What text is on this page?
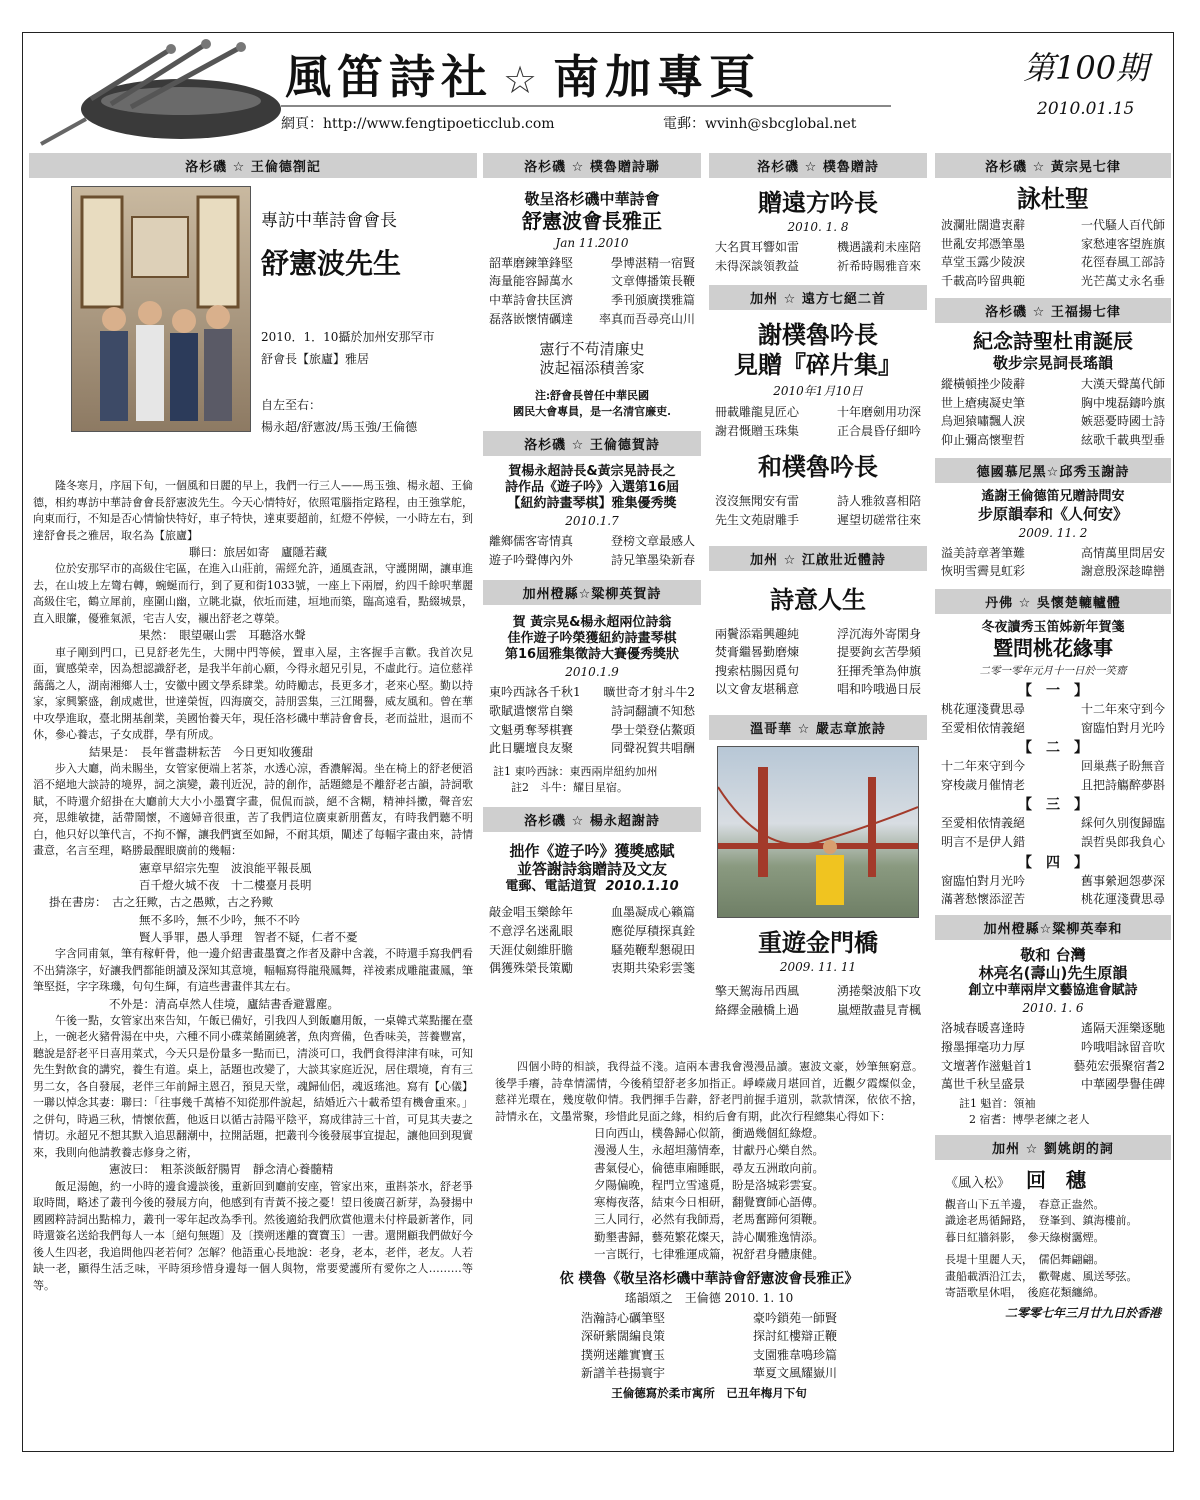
風笛詩社 ☆ 南加專頁
網頁：http://www.fengtipoeticclub.com	電郵：wvinh@sbcglobal.net
第100期
2010.01.15
洛杉磯 ☆ 王倫德劄記
專訪中華詩會會長
舒憲波先生
2010．1．10攝於加州安那罕市
舒會長【旅廬】雅居
自左至右：
楊永超/舒憲波/馬玉強/王倫德
隆冬寒月，序屆下旬，一個風和日麗的早上，我們一行三人——馬玉強、楊永超、王倫德，相約專訪中華詩會會長舒憲波先生。今天心情特好，依照電腦指定路程，由王強掌舵，向東而行，不知是否心情愉快特好，車子特快，達東要超前，紅燈不停候，一小時左右，到達舒會長之雅居，取名為【旅廬】
聯曰：旅居如寄　廬隱若藏
位於安那罕市的高級住宅區，在進入山莊前，需經允許，通風查訊，守護開閘，讓車進去，在山坡上左彎右轉，蜿蜒而行，到了夏和街1033號，一座上下兩層，約四千餘呎華麗高級住宅，鶴立犀前，座圍山幽，立眺北嶽，依坵而建，垣地而築，臨高遠看，點綴城景，直入眼簾，優雅氣派，宅吉人安，襯出舒老之尊榮。
果然：　眼望碾山雲　耳聽洛水聲
車子剛到門口，已見舒老先生，大開中門等候，置車入屋，主客握手言歡。我首次見面，實感榮幸，因為想認識舒老，是我半年前心願，今得永超兄引見，不虛此行。這位慈祥藹藹之人，湖南湘鄉人士，安徽中國文學系肆業。幼時勵志，長更多才，老來心堅。勤以持家，家興繁盛，創成處世，世達榮恆，四海廣交，詩朋雲集，三江聞譽，威友風和。曾在華中攻學進取，臺北開基創業，美國怡養天年，現任洛杉磯中華詩會會長，老而益壯，退而不休，參心養志，子女成群，學有所成。
結果是：　長年嘗盡耕耘苦　今日更知收獲甜
步入大廳，尚未賜坐，女管家便端上茗茶，水透心涼，香濃解渴。坐在椅上的舒老便滔滔不絕地大談詩的境界，詞之演變，叢刊近況，詩的創作，話題總是不離舒老古韻，詩詞歌賦，不時還介紹掛在大廳前大大小小墨寶字畫，侃侃而談，絕不含糊，精神抖擻，聲音宏亮，思維敏捷，話帶鬧懷，不適婦音很重，苦了我們這位廣東新朋舊友，有時我們聽不明白，他只好以筆代言，不拘不懈，讓我們賓至如歸，不耐其煩，闡述了每幅字畫由來，詩情畫意，名言至理，略勝最醒眼廣前的幾幅：
憲章早紹宗先聖　波浪能平報長風
百千燈火城不夜　十二樓臺月長明
掛在書房：　古之狂歟，古之愚歟，古之矜歟
無不多吟，無不少吟，無不不吟
賢人爭罪，愚人爭理　智者不疑，仁者不憂
字含同甫氣，筆有稼軒骨，他一邊介紹書畫墨寶之作者及辭中含義，不時還手寫我們看不出猜涤字，好讓我們都能朗讀及深知其意境，幅幅寫得龍飛鳳舞，祥祾素成雕龍畫鳳，筆筆堅挺，字字珠璣，句句生輝，有這些書畫伴其左右。
不外是：清高卓然人佳境，廬結書香避囂塵。
午後一點，女管家出來告知，午飯已備好，引我四人到飯廳用飯，一桌韓式菜點擺在臺上，一碗老火豬骨湯在中央，六種不同小碟菜餚圍繞著，魚肉齊備，色香味美，菩養豐富，聽說是舒老平日喜用菜式，今天只是份量多一點而已，清淡可口，我們食得津津有味，可知先生對飲食的講究，養生有道。桌上，話題也改變了，大談其家庭近況，居住環境，育有三男二女，各自發展，老伴三年前歸主恩召，預見天堂，魂歸仙侶，魂返瑤池。寫有【心儀】一聯以悼念其妻：聯曰：「往事幾千萬椿不知從那件說起，結婚近六十載希望有機會重來。」之併句，時過三秋，情懷依舊，他返日以循古詩陽平陰平，寫成律詩三十首，可見其夫妻之情切。永超兄不想其默入追思翻潮中，拉開話題，把叢刊今後發展事宜提起，讓他回到現實來，我則向他請教養志修身之術，
憲波曰：　粗茶淡飯舒腸胃　靜念清心養髓精
飯足湯飽，約一小時的邊食邊談後，重新回到廳前安座，管家出來，重斟茶水，舒老爭取時間，略述了叢刊今後的發展方向，他感到有青黃不接之憂！望日後廣召新芽，為發揚中國國粹詩詞出點棉力，叢刊一零年起改為季刊。然後適給我們欣賞他還未付梓最新著作，同時還簽名送給我們每人一本〔絕句無題〕及〔撲朔迷離的寶寶玉〕一書。還開顧我們做好今後人生四老，我追問他四老若何？怎解？他語重心長地說：老身，老本，老伴，老友。人若缺一老，顯得生活乏味，平時須珍惜身邊每一個人與物，常要愛護所有愛你之人………等等。
洛杉磯 ☆ 樸魯贈詩聯
敬呈洛杉磯中華詩會
舒憲波會長雅正
Jan 11.2010
韶華磨鍊筆鋒堅	學博湛精一宿賢
海量能容歸萬水	文章傳播策長鞭
中華詩會扶匡濟	季刊頒廣撲雅篇
磊落嵌懷情礪達 率真而吾尋亮山川
憲行不苟清廉史
波起福添積善家
注:舒會長曾任中華民國
國民大會專員，是一名清官廉吏.
洛杉磯 ☆ 王倫德賀詩
賀楊永超詩長&黃宗晃詩長之
詩作品《遊子吟》入選第16屆
【紐約詩畫琴棋】雅集優秀獎
2010.1.7
離鄉儒客寄情真	登榜文章最感人
遊子吟聲傳內外	詩兄筆墨染新春
加州橙縣☆粱柳英賀詩
賀 黃宗晃&楊永超兩位詩翁
佳作遊子吟榮獲紐約詩畫琴棋
第16屆雅集徵詩大賽優秀獎狀
2010.1.9
東吟西詠各千秋1 曠世奇才射斗牛2
歌賦遣懷常自樂	詩詞翻讀不知愁
文魁勇奪琴棋賽	學士榮登佔鰲頭
此日驪壇良友聚	同聲祝賀共唱酬
註1 東吟西詠：東西兩岸紐約加州
註2　斗牛：耀目星宿。
洛杉磯 ☆ 楊永超謝詩
拙作《遊子吟》獲獎感賦
並答謝詩翁贈詩及文友
電郵、電話道賀 2010.1.10
敲金唱玉樂餘年	血墨凝成心籟篇
不意浮名迷亂眼	應從厚積探真銓
天涯仗劍維肝膽	騷苑鞭犁懇硯田
偶獲殊榮長策勵	衷期共染彩雲箋
洛杉磯 ☆ 樸魯贈詩
贈遠方吟長
2010. 1. 8
大名貫耳響如雷	機遇議莉未座陪
未得深談領教益	祈希時賜雅音來
加州 ☆ 遠方七絕二首
謝樸魯吟長
見贈『碎片集』
2010年1月10日
冊載雕龍見匠心	十年磨劍用功深
謝君慨贈玉珠集	正合晨昏仔細吟
和樸魯吟長
沒沒無聞安有雷	詩人雅敘喜相陪
先生文苑尉雕手	遲望切磋常往來
加州 ☆ 江啟壯近體詩
詩意人生
兩鬢添霜興趣純	浮沉海外寄閑身
焚膏繼晷勤磨煉	提要鉤玄苦學頻
搜索枯腸因覓句	狂揮秃筆為伸旗
以文會友堪稱意	唱和吟哦過日辰
溫哥華 ☆ 嚴志章旅詩
重遊金門橋
2009. 11. 11
擎天駕海吊西風	湧捲槃波船下攻
絡繹金融橋上過	嵐煙散盡見青楓
四個小時的相談，我得益不淺。這兩本書我會漫漫品讀。憲波文豪，妙筆無窮意。後學手癢，詩韋情濡情，今後稍望舒老多加指正。崢嶸歲月堪回首，近觀夕霞燦似金，慈祥光環在，幾度敬仰情。我們揮手告辭，舒老門前握手道別，款款情深，依依不捨，詩情永在，文墨常聚，珍惜此見面之緣，相約后會有期，此次行程總集心得如下：
日向西山，樸魯歸心似箭，衝過幾個紅綠燈。
漫漫人生，永超坦蕩情牽，甘獻丹心樂自然。
書氣侵心，倫德車廂睡眠，尋友五洲敢向前。
夕陽偏晚，程門立雪遠覓，盼是洛城彩雲宴。
寒梅夜落，結束今日相研，翻覺寶師心語傳。
三人同行，必然有我師焉，老馬奮蹄何須鞭。
勤墾書歸，藝苑繁花燦天，詩心闡雅逸情添。
一言既行，七律雅運成篇，祝舒君身體康健。
依 樸魯《敬呈洛杉磯中華詩會舒憲波會長雅正》
瑤韻頌之　王倫德 2010. 1. 10
浩瀚詩心礪筆堅	豪吟鎖苑一師賢
深研紫闊編良策	探討紅樓辯正鞭
撲朔迷離實寶玉	支園雅韋鳴珍篇
新譜羊巷揚寰宇	華夏文風耀嶽川
王倫德寫於柔市寓所　已丑年梅月下旬
洛杉磯 ☆ 黃宗晃七律
詠杜聖
波瀾壯闊遣衷辭	一代騷人百代師
世亂安邦憑筆墨	家愁連客望旌旗
草堂玉露少陵淚	花徑春風工部詩
千載高吟留典範	光芒萬丈永名垂
洛杉磯 ☆ 王福揚七律
紀念詩聖杜甫誕辰
敬步宗晃詞長瑤韻
縱橫頓挫少陵辭	大漢天聲萬代師
世上瘡痍凝史筆	胸中塊磊鑄吟旗
烏迴猿嘯飄人淚	嫉惡憂時國士詩
仰止彌高懷聖哲	絃歌千載典型垂
德國慕尼黑☆邱秀玉謝詩
遙謝王倫德笛兄贈詩問安
步原韻奉和《人何安》
2009. 11. 2
溢美詩章著筆難	高情萬里問居安
恢明雪霽見虹彩	謝意殷深趁暐巒
丹佛 ☆ 吳懷楚轆轤體
冬夜讀秀玉笛姊新年賀箋
暨問桃花緣事
二零一零年元月十一日於一笑齋
【　一　】
桃花運淺費思尋	十二年來守到今
至愛相依情義絕	窗臨怕對月光吟
【　二　】
十二年來守到今	回巢燕子盼無音
穿梭歲月催情老	且把詩觴醉夢斟
【　三　】
至愛相依情義絕	綵何久別復歸臨
明言不是伊人錯	誤哲吳郎我負心
【　四　】
窗臨怕對月光吟	舊事縈迴怨夢深
滿著愁懷添涩苦	桃花運淺費思尋
加州橙縣☆粱柳英奉和
敬和 台灣
林亮名(壽山)先生原韻
創立中華兩岸文藝協進會賦詩
2010. 1. 6
洛城春暖喜逢時	遙隔天涯樂逐馳
撥墨揮毫功力厚	吟哦唱詠留音吹
文壇著作滋魁首1	藝苑宏張聚宿耆2
萬世千秋呈盛景	中華國學譽佳碑
註1 魁首：領袖
2 宿耆：博學老練之老人
加州 ☆ 劉姚朗的詞
《風入松》 回　穗
觀音山下五羊邊，　春意正盎然。
識途老馬循歸路，　登峯到、鎮海樓前。
暮日紅牆斜影，　參天綠樹靄煙。
長堤十里麗人天，　儒侶舞翩翩。
畫船載酒沿江去，　歡聲處、風送琴弦。
寄語歌星休唱，　後庭花類纏綿。
二零零七年三月廿九日於香港
